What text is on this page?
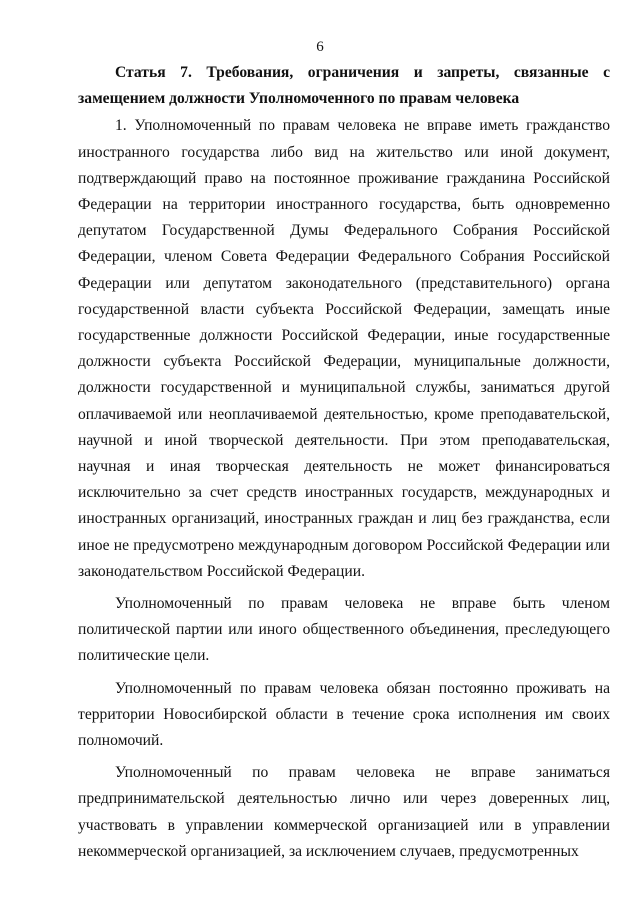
6

Статья 7. Требования, ограничения и запреты, связанные с замещением должности Уполномоченного по правам человека

1. Уполномоченный по правам человека не вправе иметь гражданство иностранного государства либо вид на жительство или иной документ, подтверждающий право на постоянное проживание гражданина Российской Федерации на территории иностранного государства, быть одновременно депутатом Государственной Думы Федерального Собрания Российской Федерации, членом Совета Федерации Федерального Собрания Российской Федерации или депутатом законодательного (представительного) органа государственной власти субъекта Российской Федерации, замещать иные государственные должности Российской Федерации, иные государственные должности субъекта Российской Федерации, муниципальные должности, должности государственной и муниципальной службы, заниматься другой оплачиваемой или неоплачиваемой деятельностью, кроме преподавательской, научной и иной творческой деятельности. При этом преподавательская, научная и иная творческая деятельность не может финансироваться исключительно за счет средств иностранных государств, международных и иностранных организаций, иностранных граждан и лиц без гражданства, если иное не предусмотрено международным договором Российской Федерации или законодательством Российской Федерации.

Уполномоченный по правам человека не вправе быть членом политической партии или иного общественного объединения, преследующего политические цели.

Уполномоченный по правам человека обязан постоянно проживать на территории Новосибирской области в течение срока исполнения им своих полномочий.

Уполномоченный по правам человека не вправе заниматься предпринимательской деятельностью лично или через доверенных лиц, участвовать в управлении коммерческой организацией или в управлении некоммерческой организацией, за исключением случаев, предусмотренных
